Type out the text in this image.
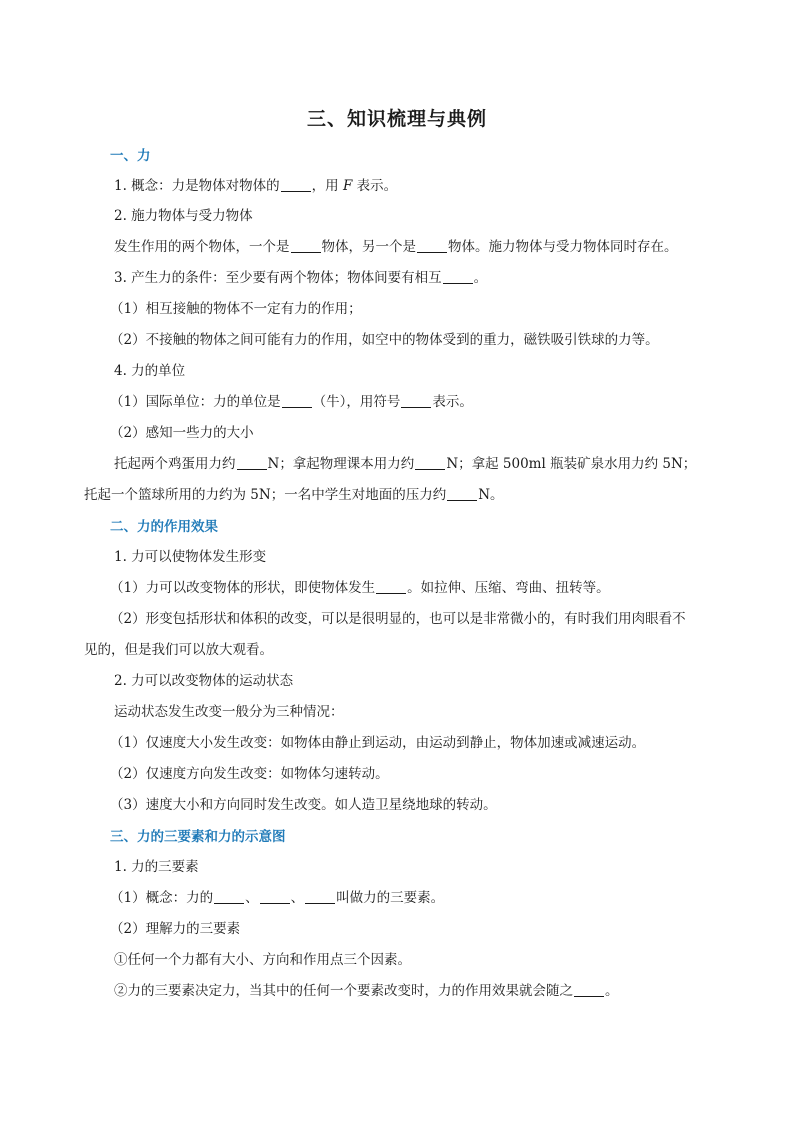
三、知识梳理与典例
一、力
1. 概念：力是物体对物体的 ，用 F 表示。
2. 施力物体与受力物体
发生作用的两个物体，一个是 物体，另一个是 物体。施力物体与受力物体同时存在。
3. 产生力的条件：至少要有两个物体；物体间要有相互 。
（1）相互接触的物体不一定有力的作用；
（2）不接触的物体之间可能有力的作用，如空中的物体受到的重力，磁铁吸引铁球的力等。
4. 力的单位
（1）国际单位：力的单位是 （牛），用符号 表示。
（2）感知一些力的大小
托起两个鸡蛋用力约 N；拿起物理课本用力约 N；拿起 500ml 瓶装矿泉水用力约 5N；
托起一个篮球所用的力约为 5N；一名中学生对地面的压力约 N。
二、力的作用效果
1. 力可以使物体发生形变
（1）力可以改变物体的形状，即使物体发生 。如拉伸、压缩、弯曲、扭转等。
（2）形变包括形状和体积的改变，可以是很明显的，也可以是非常微小的，有时我们用肉眼看不
见的，但是我们可以放大观看。
2. 力可以改变物体的运动状态
运动状态发生改变一般分为三种情况：
（1）仅速度大小发生改变：如物体由静止到运动，由运动到静止，物体加速或减速运动。
（2）仅速度方向发生改变：如物体匀速转动。
（3）速度大小和方向同时发生改变。如人造卫星绕地球的转动。
三、力的三要素和力的示意图
1. 力的三要素
（1）概念：力的 、 、 叫做力的三要素。
（2）理解力的三要素
①任何一个力都有大小、方向和作用点三个因素。
②力的三要素决定力，当其中的任何一个要素改变时，力的作用效果就会随之 。
